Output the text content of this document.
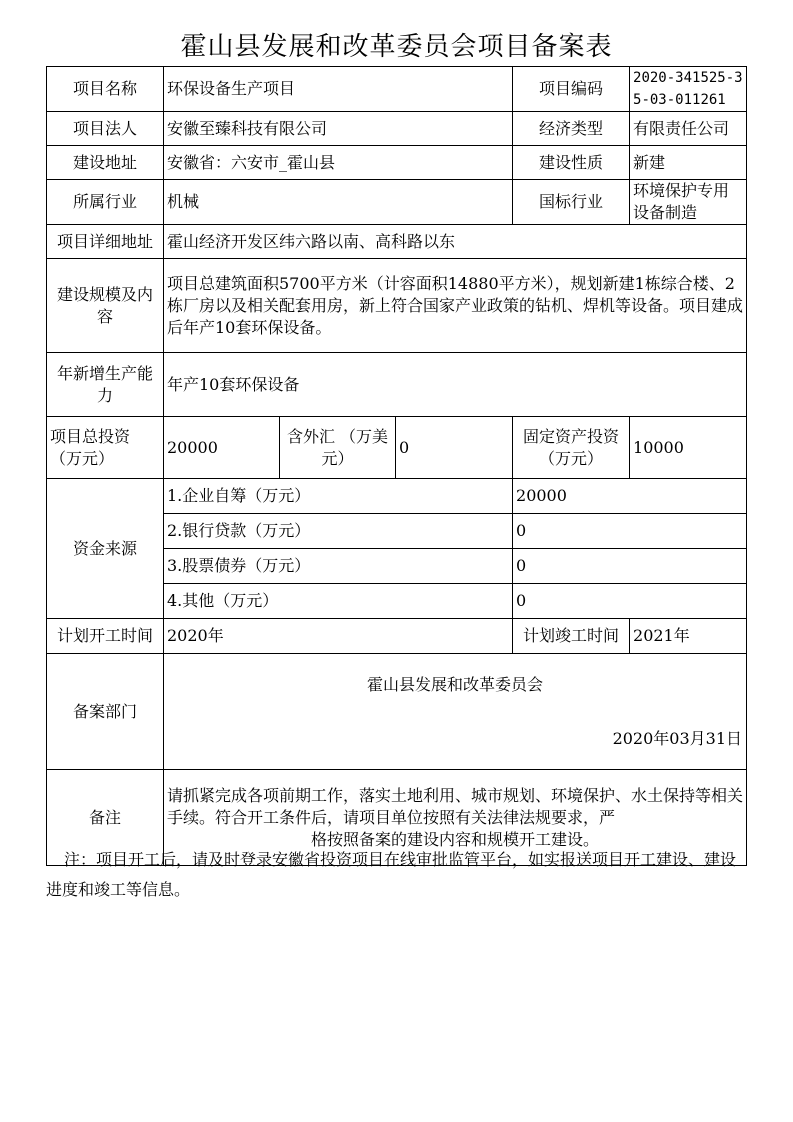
霍山县发展和改革委员会项目备案表
项目名称	环保设备生产项目			项目编码	2020-341525-35-03-011261
项目法人	安徽至臻科技有限公司			经济类型	有限责任公司
建设地址	安徽省：六安市_霍山县			建设性质	新建
所属行业	机械			国标行业	环境保护专用设备制造
项目详细地址	霍山经济开发区纬六路以南、高科路以东				
建设规模及内容	项目总建筑面积5700平方米（计容面积14880平方米），规划新建1栋综合楼、2栋厂房以及相关配套用房，新上符合国家产业政策的钻机、焊机等设备。项目建成后年产10套环保设备。				
年新增生产能力	年产10套环保设备				
项目总投资（万元）	20000	含外汇 （万美元）	0	固定资产投资（万元）	10000
资金来源	1.企业自筹（万元）			20000	
	2.银行贷款（万元）			0	
	3.股票债券（万元）			0	
	4.其他（万元）			0	
计划开工时间	2020年			计划竣工时间	2021年
备案部门	霍山县发展和改革委员会
2020年03月31日				

备注	请抓紧完成各项前期工作，落实土地利用、城市规划、环境保护、水土保持等相关手续。符合开工条件后，请项目单位按照有关法律法规要求，严
格按照备案的建设内容和规模开工建设。				
注：项目开工后，请及时登录安徽省投资项目在线审批监管平台，如实报送项目开工建设、建设进度和竣工等信息。
